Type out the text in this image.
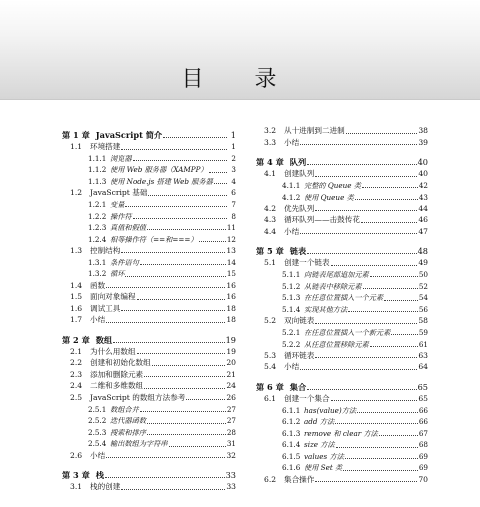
目 录
第 1 章 JavaScript 简介	1
1.1	环境搭建	1
1.1.1 浏览器	2
1.1.2 使用 Web 服务器（XAMPP）	3
1.1.3 使用 Node.js 搭建 Web 服务器	4
1.2	JavaScript 基础	6
1.2.1 变量	7
1.2.2 操作符	8
1.2.3 真值和假值	11
1.2.4 相等操作符（==和===）	12
1.3	控制结构	13
1.3.1 条件语句	14
1.3.2 循环	15
1.4	函数	16
1.5	面向对象编程	16
1.6	调试工具	18
1.7	小结	18
第 2 章 数组	19
2.1	为什么用数组	19
2.2	创建和初始化数组	20
2.3	添加和删除元素	21
2.4	二维和多维数组	24
2.5	JavaScript 的数组方法参考	26
2.5.1 数组合并	27
2.5.2 迭代器函数	27
2.5.3 搜索和排序	28
2.5.4 输出数组为字符串	31
2.6	小结	32
第 3 章 栈	33
3.1	栈的创建	33
3.2	从十进制到二进制	38
3.3	小结	39
第 4 章 队列	40
4.1	创建队列	40
4.1.1 完整的 Queue 类	42
4.1.2 使用 Queue 类	43
4.2	优先队列	44
4.3	循环队列——击鼓传花	46
4.4	小结	47
第 5 章 链表	48
5.1	创建一个链表	49
5.1.1 向链表尾部追加元素	50
5.1.2 从链表中移除元素	52
5.1.3 在任意位置插入一个元素	54
5.1.4 实现其他方法	56
5.2	双向链表	58
5.2.1 在任意位置插入一个新元素	59
5.2.2 从任意位置移除元素	61
5.3	循环链表	63
5.4	小结	64
第 6 章 集合	65
6.1	创建一个集合	65
6.1.1 has(value)方法	66
6.1.2 add 方法	66
6.1.3 remove 和 clear 方法	67
6.1.4 size 方法	68
6.1.5 values 方法	69
6.1.6 使用 Set 类	69
6.2	集合操作	70
